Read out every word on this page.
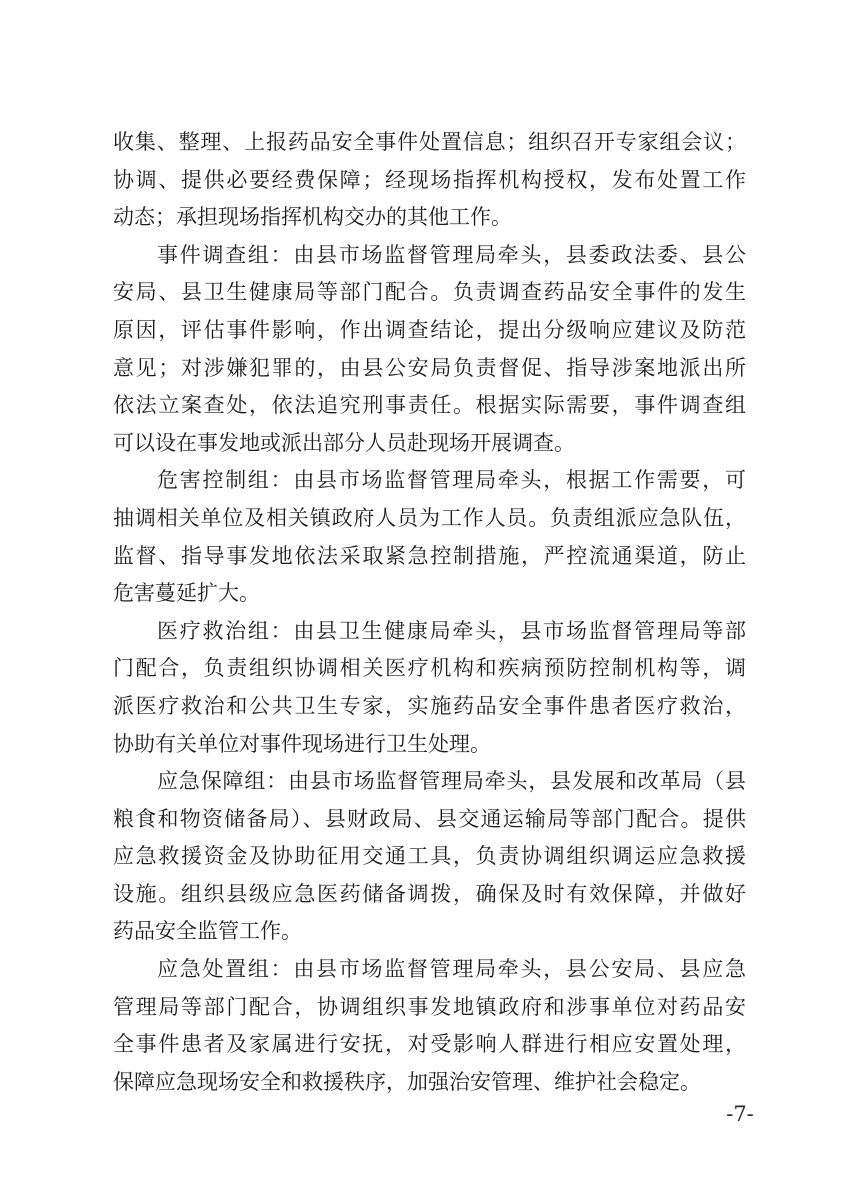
收集、整理、上报药品安全事件处置信息；组织召开专家组会议；
协调、提供必要经费保障；经现场指挥机构授权，发布处置工作
动态；承担现场指挥机构交办的其他工作。
事件调查组：由县市场监督管理局牵头，县委政法委、县公
安局、县卫生健康局等部门配合。负责调查药品安全事件的发生
原因，评估事件影响，作出调查结论，提出分级响应建议及防范
意见；对涉嫌犯罪的，由县公安局负责督促、指导涉案地派出所
依法立案查处，依法追究刑事责任。根据实际需要，事件调查组
可以设在事发地或派出部分人员赴现场开展调查。
危害控制组：由县市场监督管理局牵头，根据工作需要，可
抽调相关单位及相关镇政府人员为工作人员。负责组派应急队伍，
监督、指导事发地依法采取紧急控制措施，严控流通渠道，防止
危害蔓延扩大。
医疗救治组：由县卫生健康局牵头，县市场监督管理局等部
门配合，负责组织协调相关医疗机构和疾病预防控制机构等，调
派医疗救治和公共卫生专家，实施药品安全事件患者医疗救治，
协助有关单位对事件现场进行卫生处理。
应急保障组：由县市场监督管理局牵头，县发展和改革局（县
粮食和物资储备局）、县财政局、县交通运输局等部门配合。提供
应急救援资金及协助征用交通工具，负责协调组织调运应急救援
设施。组织县级应急医药储备调拨，确保及时有效保障，并做好
药品安全监管工作。
应急处置组：由县市场监督管理局牵头，县公安局、县应急
管理局等部门配合，协调组织事发地镇政府和涉事单位对药品安
全事件患者及家属进行安抚，对受影响人群进行相应安置处理，
保障应急现场安全和救援秩序，加强治安管理、维护社会稳定。
-7-
